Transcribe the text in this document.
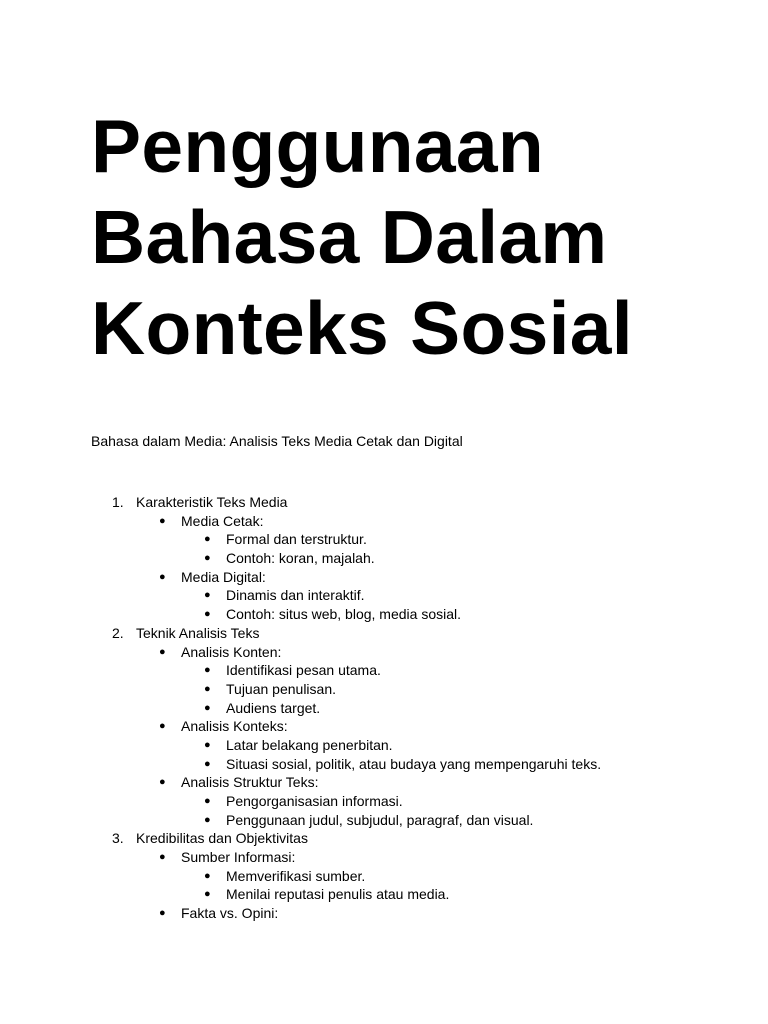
Penggunaan
Bahasa Dalam
Konteks Sosial

Bahasa dalam Media: Analisis Teks Media Cetak dan Digital

1. Karakteristik Teks Media
● Media Cetak:
● Formal dan terstruktur.
● Contoh: koran, majalah.
● Media Digital:
● Dinamis dan interaktif.
● Contoh: situs web, blog, media sosial.
2. Teknik Analisis Teks
● Analisis Konten:
● Identifikasi pesan utama.
● Tujuan penulisan.
● Audiens target.
● Analisis Konteks:
● Latar belakang penerbitan.
● Situasi sosial, politik, atau budaya yang mempengaruhi teks.
● Analisis Struktur Teks:
● Pengorganisasian informasi.
● Penggunaan judul, subjudul, paragraf, dan visual.
3. Kredibilitas dan Objektivitas
● Sumber Informasi:
● Memverifikasi sumber.
● Menilai reputasi penulis atau media.
● Fakta vs. Opini:
